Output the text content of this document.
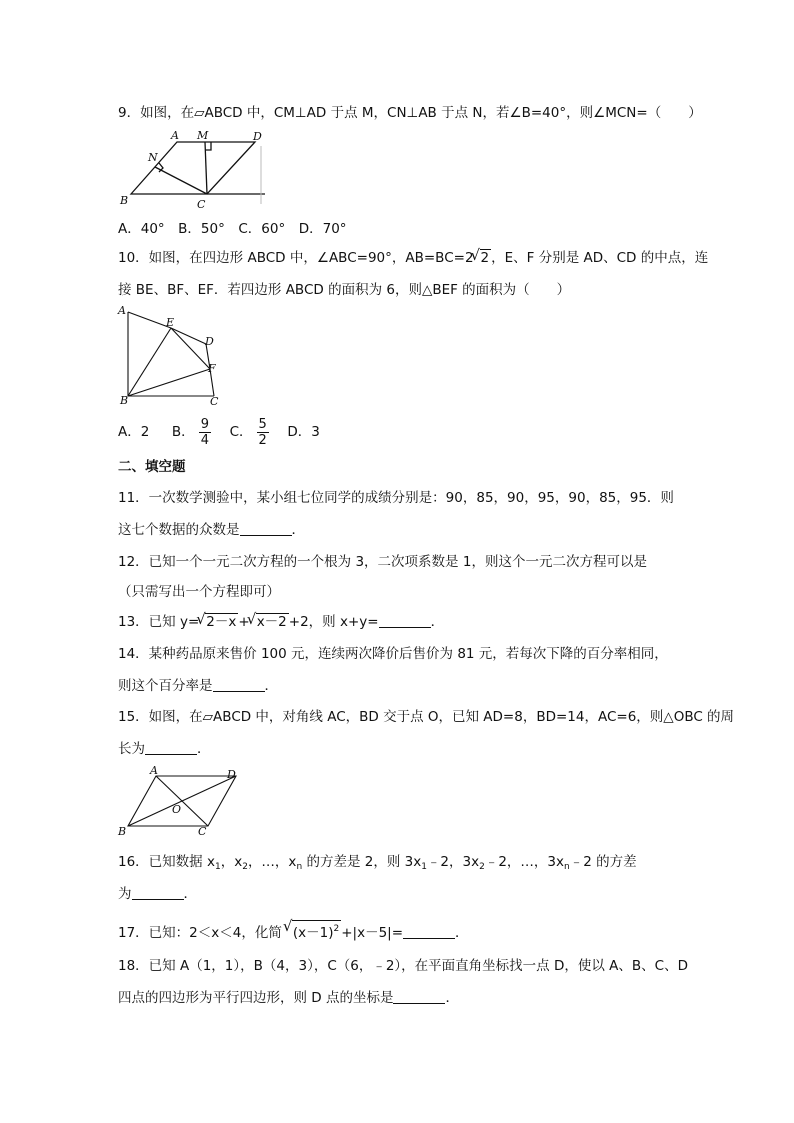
9．如图，在▱ABCD 中，CM⊥AD 于点 M，CN⊥AB 于点 N，若∠B=40°，则∠MCN=（　　）
A M	D
N
B	C
A．40°　B．50°　C．60°　D．70°
10．如图，在四边形 ABCD 中，∠ABC=90°，AB=BC=2 √ 2 ，E、F 分别是 AD、CD 的中点，连
接 BE、BF、EF．若四边形 ABCD 的面积为 6，则△BEF 的面积为（　　）
A
E
D
F
B	C
A．2 B． $\frac{9}{4}$ C． $\frac{5}{2}$ D．3
二、填空题
11．一次数学测验中，某小组七位同学的成绩分别是：90，85，90，95，90，85，95．则
这七个数据的众数是	．
12．已知一个一元二次方程的一个根为 3，二次项系数是 1，则这个一元二次方程可以是
（只需写出一个方程即可）
13．已知 y= √ 2－x + √ x－2 +2，则 x+y=	．
14．某种药品原来售价 100 元，连续两次降价后售价为 81 元，若每次下降的百分率相同，
则这个百分率是	．
15．如图，在▱ABCD 中，对角线 AC，BD 交于点 O，已知 AD=8，BD=14，AC=6，则△OBC 的周
长为	．
A	D
O
B	C
16．已知数据 $x_1$，$x_2$，…，$x_n$ 的方差是 2，则 $3x_1﹣2$，$3x_2﹣2$，…，$3x_n﹣2$ 的方差
为	．
17．已知：2＜x＜4，化简 √ $(x-1)^2 +|x-5|=$	．
18．已知 A（1，1），B（4，3），C（6，﹣2），在平面直角坐标找一点 D，使以 A、B、C、D
四点的四边形为平行四边形，则 D 点的坐标是	．
